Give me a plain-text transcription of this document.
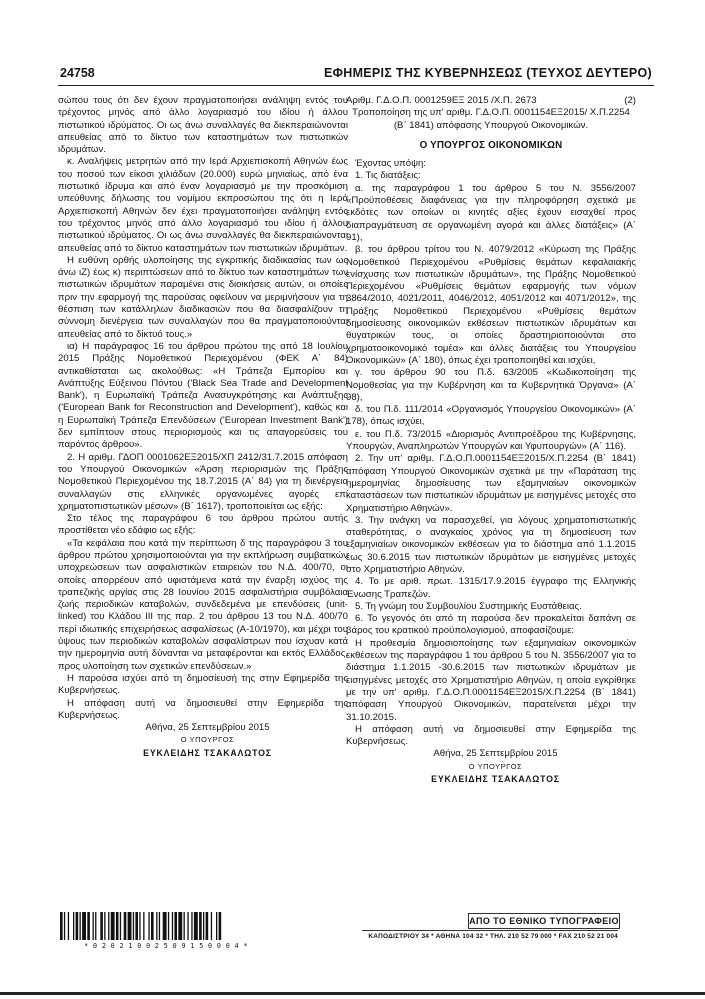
24758	ΕΦΗΜΕΡΙΣ ΤΗΣ ΚΥΒΕΡΝΗΣΕΩΣ (ΤΕΥΧΟΣ ΔΕΥΤΕΡΟ)

σώπου τους ότι δεν έχουν πραγματοποιήσει ανάληψη εντός του τρέχοντος μηνός από άλλο λογαριασμό του ιδίου ή άλλου πιστωτικού ιδρύματος. Οι ως άνω συναλλαγές θα διεκπεραιώνονται απευθείας από το δίκτυο των καταστημάτων των πιστωτικών ιδρυμάτων.

κ. Αναλήψεις μετρητών από την Ιερά Αρχιεπισκοπή Αθηνών έως του ποσού των είκοσι χιλιάδων (20.000) ευρώ μηνιαίως, από ένα πιστωτικό ίδρυμα και από έναν λογαριασμό με την προσκόμιση υπεύθυνης δήλωσης του νομίμου εκπροσώπου της ότι η Ιερά Αρχιεπισκοπή Αθηνών δεν έχει πραγματοποιήσει ανάληψη εντός του τρέχοντος μηνός από άλλο λογαριασμό του ιδίου ή άλλου πιστωτικού ιδρύματος. Οι ως άνω συναλλαγές θα διεκπεραιώνονται απευθείας από το δίκτυο καταστημάτων των πιστωτικών ιδρυμάτων.

Η ευθύνη ορθής υλοποίησης της εγκριτικής διαδικασίας των ως άνω ιΖ) έως κ) περιπτώσεων από το δίκτυο των καταστημάτων των πιστωτικών ιδρυμάτων παραμένει στις διοικήσεις αυτών, οι οποίες πριν την εφαρμογή της παρούσας οφείλουν να μεριμνήσουν για τη θέσπιση των κατάλληλων διαδικασιών που θα διασφαλίζουν τη σύννομη διενέργεια των συναλλαγών που θα πραγματοποιούνται απευθείας από το δίκτυό τους.»

ια) Η παράγραφος 16 του άρθρου πρώτου της από 18 Ιουλίου 2015 Πράξης Νομοθετικού Περιεχομένου (ΦΕΚ Α΄ 84) αντικαθίσταται ως ακολούθως: «Η Τράπεζα Εμπορίου και Ανάπτυξης Εύξεινου Πόντου ('Black Sea Trade and Development Bank'), η Ευρωπαϊκή Τράπεζα Ανασυγκρότησης και Ανάπτυξης ('European Bank for Reconstruction and Development'), καθώς και η Ευρωπαϊκή Τράπεζα Επενδύσεων ('European Investment Bank') δεν εμπίπτουν στους περιορισμούς και τις απαγορεύσεις του παρόντος άρθρου».

2. Η αριθμ. ΓΔΟΠ 0001062ΕΞ2015/ΧΠ 2412/31.7.2015 απόφαση του Υπουργού Οικονομικών «Άρση περιορισμών της Πράξης Νομοθετικού Περιεχομένου της 18.7.2015 (Α΄ 84) για τη διενέργεια συναλλαγών στις ελληνικές οργανωμένες αγορές επί χρηματοπιστωτικών μέσων» (Β΄ 1617), τροποποιείται ως εξής:

Στο τέλος της παραγράφου 6 του άρθρου πρώτου αυτής προστίθεται νέο εδάφιο ως εξής:

«Τα κεφάλαια που κατά την περίπτωση δ της παραγράφου 3 του άρθρου πρώτου χρησιμοποιούνται για την εκπλήρωση συμβατικών υποχρεώσεων των ασφαλιστικών εταιρειών του Ν.Δ. 400/70, οι οποίες απορρέουν από υφιστάμενα κατά την έναρξη ισχύος της τραπεζικής αργίας στις 28 Ιουνίου 2015 ασφαλιστήρια συμβόλαια ζωής περιοδικών καταβολών, συνδεδεμένα με επενδύσεις (unit-linked) του Κλάδου ΙΙΙ της παρ. 2 του άρθρου 13 του Ν.Δ. 400/70 περί ιδιωτικής επιχειρήσεως ασφαλίσεως (Α-10/1970), και μέχρι του ύψους των περιοδικών καταβολών ασφαλίστρων που ίσχυαν κατά την ημερομηνία αυτή δύνανται να μεταφέρονται και εκτός Ελλάδος, προς υλοποίηση των σχετικών επενδύσεων.»

Η παρούσα ισχύει από τη δημοσίευσή της στην Εφημερίδα της Κυβερνήσεως.

Η απόφαση αυτή να δημοσιευθεί στην Εφημερίδα της Κυβερνήσεως.

Αθήνα, 25 Σεπτεμβρίου 2015

Ο ΥΠΟΥΡΓΟΣ

ΕΥΚΛΕΙΔΗΣ ΤΣΑΚΑΛΩΤΟΣ

Αριθμ. Γ.Δ.Ο.Π. 0001259ΕΞ 2015 /Χ.Π. 2673	(2)

Τροποποίηση της υπ' αριθμ. Γ.Δ.Ο.Π. 0001154ΕΞ2015/ Χ.Π.2254 (Β΄ 1841) απόφασης Υπουργού Οικονομικών.

Ο ΥΠΟΥΡΓΟΣ ΟΙΚΟΝΟΜΙΚΩΝ

Έχοντας υπόψη:

1. Τις διατάξεις:

α. της παραγράφου 1 του άρθρου 5 του Ν. 3556/2007 «Προϋποθέσεις διαφάνειας για την πληροφόρηση σχετικά με εκδότες των οποίων οι κινητές αξίες έχουν εισαχθεί προς διαπραγμάτευση σε οργανωμένη αγορά και άλλες διατάξεις» (Α΄ 91),

β. του άρθρου τρίτου του Ν. 4079/2012 «Κύρωση της Πράξης Νομοθετικού Περιεχομένου «Ρυθμίσεις θεμάτων κεφαλαιακής ενίσχυσης των πιστωτικών ιδρυμάτων», της Πράξης Νομοθετικού Περιεχομένου «Ρυθμίσεις θεμάτων εφαρμογής των νόμων 3864/2010, 4021/2011, 4046/2012, 4051/2012 και 4071/2012», της Πράξης Νομοθετικού Περιεχομένου «Ρυθμίσεις θεμάτων δημοσίευσης οικονομικών εκθέσεων πιστωτικών ιδρυμάτων και θυγατρικών τους, οι οποίες δραστηριοποιούνται στο χρηματοοικονομικό τομέα» και άλλες διατάξεις του Υπουργείου Οικονομικών» (Α΄ 180), όπως έχει τροποποιηθεί και ισχύει,

γ. του άρθρου 90 του Π.δ. 63/2005 «Κωδικοποίηση της Νομοθεσίας για την Κυβέρνηση και τα Κυβερνητικά Όργανα» (Α΄ 98),

δ. του Π.δ. 111/2014 «Οργανισμός Υπουργείου Οικονομικών» (Α΄ 178), όπως ισχύει,

ε. του Π.δ. 73/2015 «Διορισμός Αντιπροέδρου της Κυβέρνησης, Υπουργών, Αναπληρωτών Υπουργών και Υφυπουργών» (Α΄ 116).

2. Την υπ' αριθμ. Γ.Δ.Ο.Π.0001154ΕΞ2015/Χ.Π.2254 (Β΄ 1841) απόφαση Υπουργού Οικονομικών σχετικά με την «Παράταση της ημερομηνίας δημοσίευσης των εξαμηνιαίων οικονομικών καταστάσεων των πιστωτικών ιδρυμάτων με εισηγμένες μετοχές στο Χρηματιστήριο Αθηνών».

3. Την ανάγκη να παρασχεθεί, για λόγους χρηματοπιστωτικής σταθερότητας, ο αναγκαίος χρόνος για τη δημοσίευση των εξαμηνιαίων οικονομικών εκθέσεων για το διάστημα από 1.1.2015 έως 30.6.2015 των πιστωτικών ιδρυμάτων με εισηγμένες μετοχές στο Χρηματιστήριο Αθηνών.

4. Το με αριθ. πρωτ. 1315/17.9.2015 έγγραφο της Ελληνικής Ένωσης Τραπεζών.

5. Τη γνώμη του Συμβουλίου Συστημικής Ευστάθειας.

6. Το γεγονός ότι από τη παρούσα δεν προκαλείται δαπάνη σε βάρος του κρατικού προϋπολογισμού, αποφασίζουμε:

Η προθεσμία δημοσιοποίησης των εξαμηνιαίων οικονομικών εκθέσεων της παραγράφου 1 του άρθρου 5 του Ν. 3556/2007 για το διάστημα 1.1.2015 -30.6.2015 των πιστωτικών ιδρυμάτων με εισηγμένες μετοχές στο Χρηματιστήριο Αθηνών, η οποία εγκρίθηκε με την υπ' αριθμ. Γ.Δ.Ο.Π.0001154ΕΞ2015/Χ.Π.2254 (Β΄ 1841) απόφαση Υπουργού Οικονομικών, παρατείνεται μέχρι την 31.10.2015.

Η απόφαση αυτή να δημοσιευθεί στην Εφημερίδα της Κυβερνήσεως.

Αθήνα, 25 Σεπτεμβρίου 2015

Ο ΥΠΟΥΡΓΟΣ

ΕΥΚΛΕΙΔΗΣ ΤΣΑΚΑΛΩΤΟΣ

ΑΠΟ ΤΟ ΕΘΝΙΚΟ ΤΥΠΟΓΡΑΦΕΙΟ
ΚΑΠΟΔΙΣΤΡΙΟΥ 34 * ΑΘΗΝΑ 104 32 * ΤΗΛ. 210 52 79 000 * FAX 210 52 21 004
* 0 2 0 2 1 0 0 2 5 0 9 1 5 0 0 0 4 *
